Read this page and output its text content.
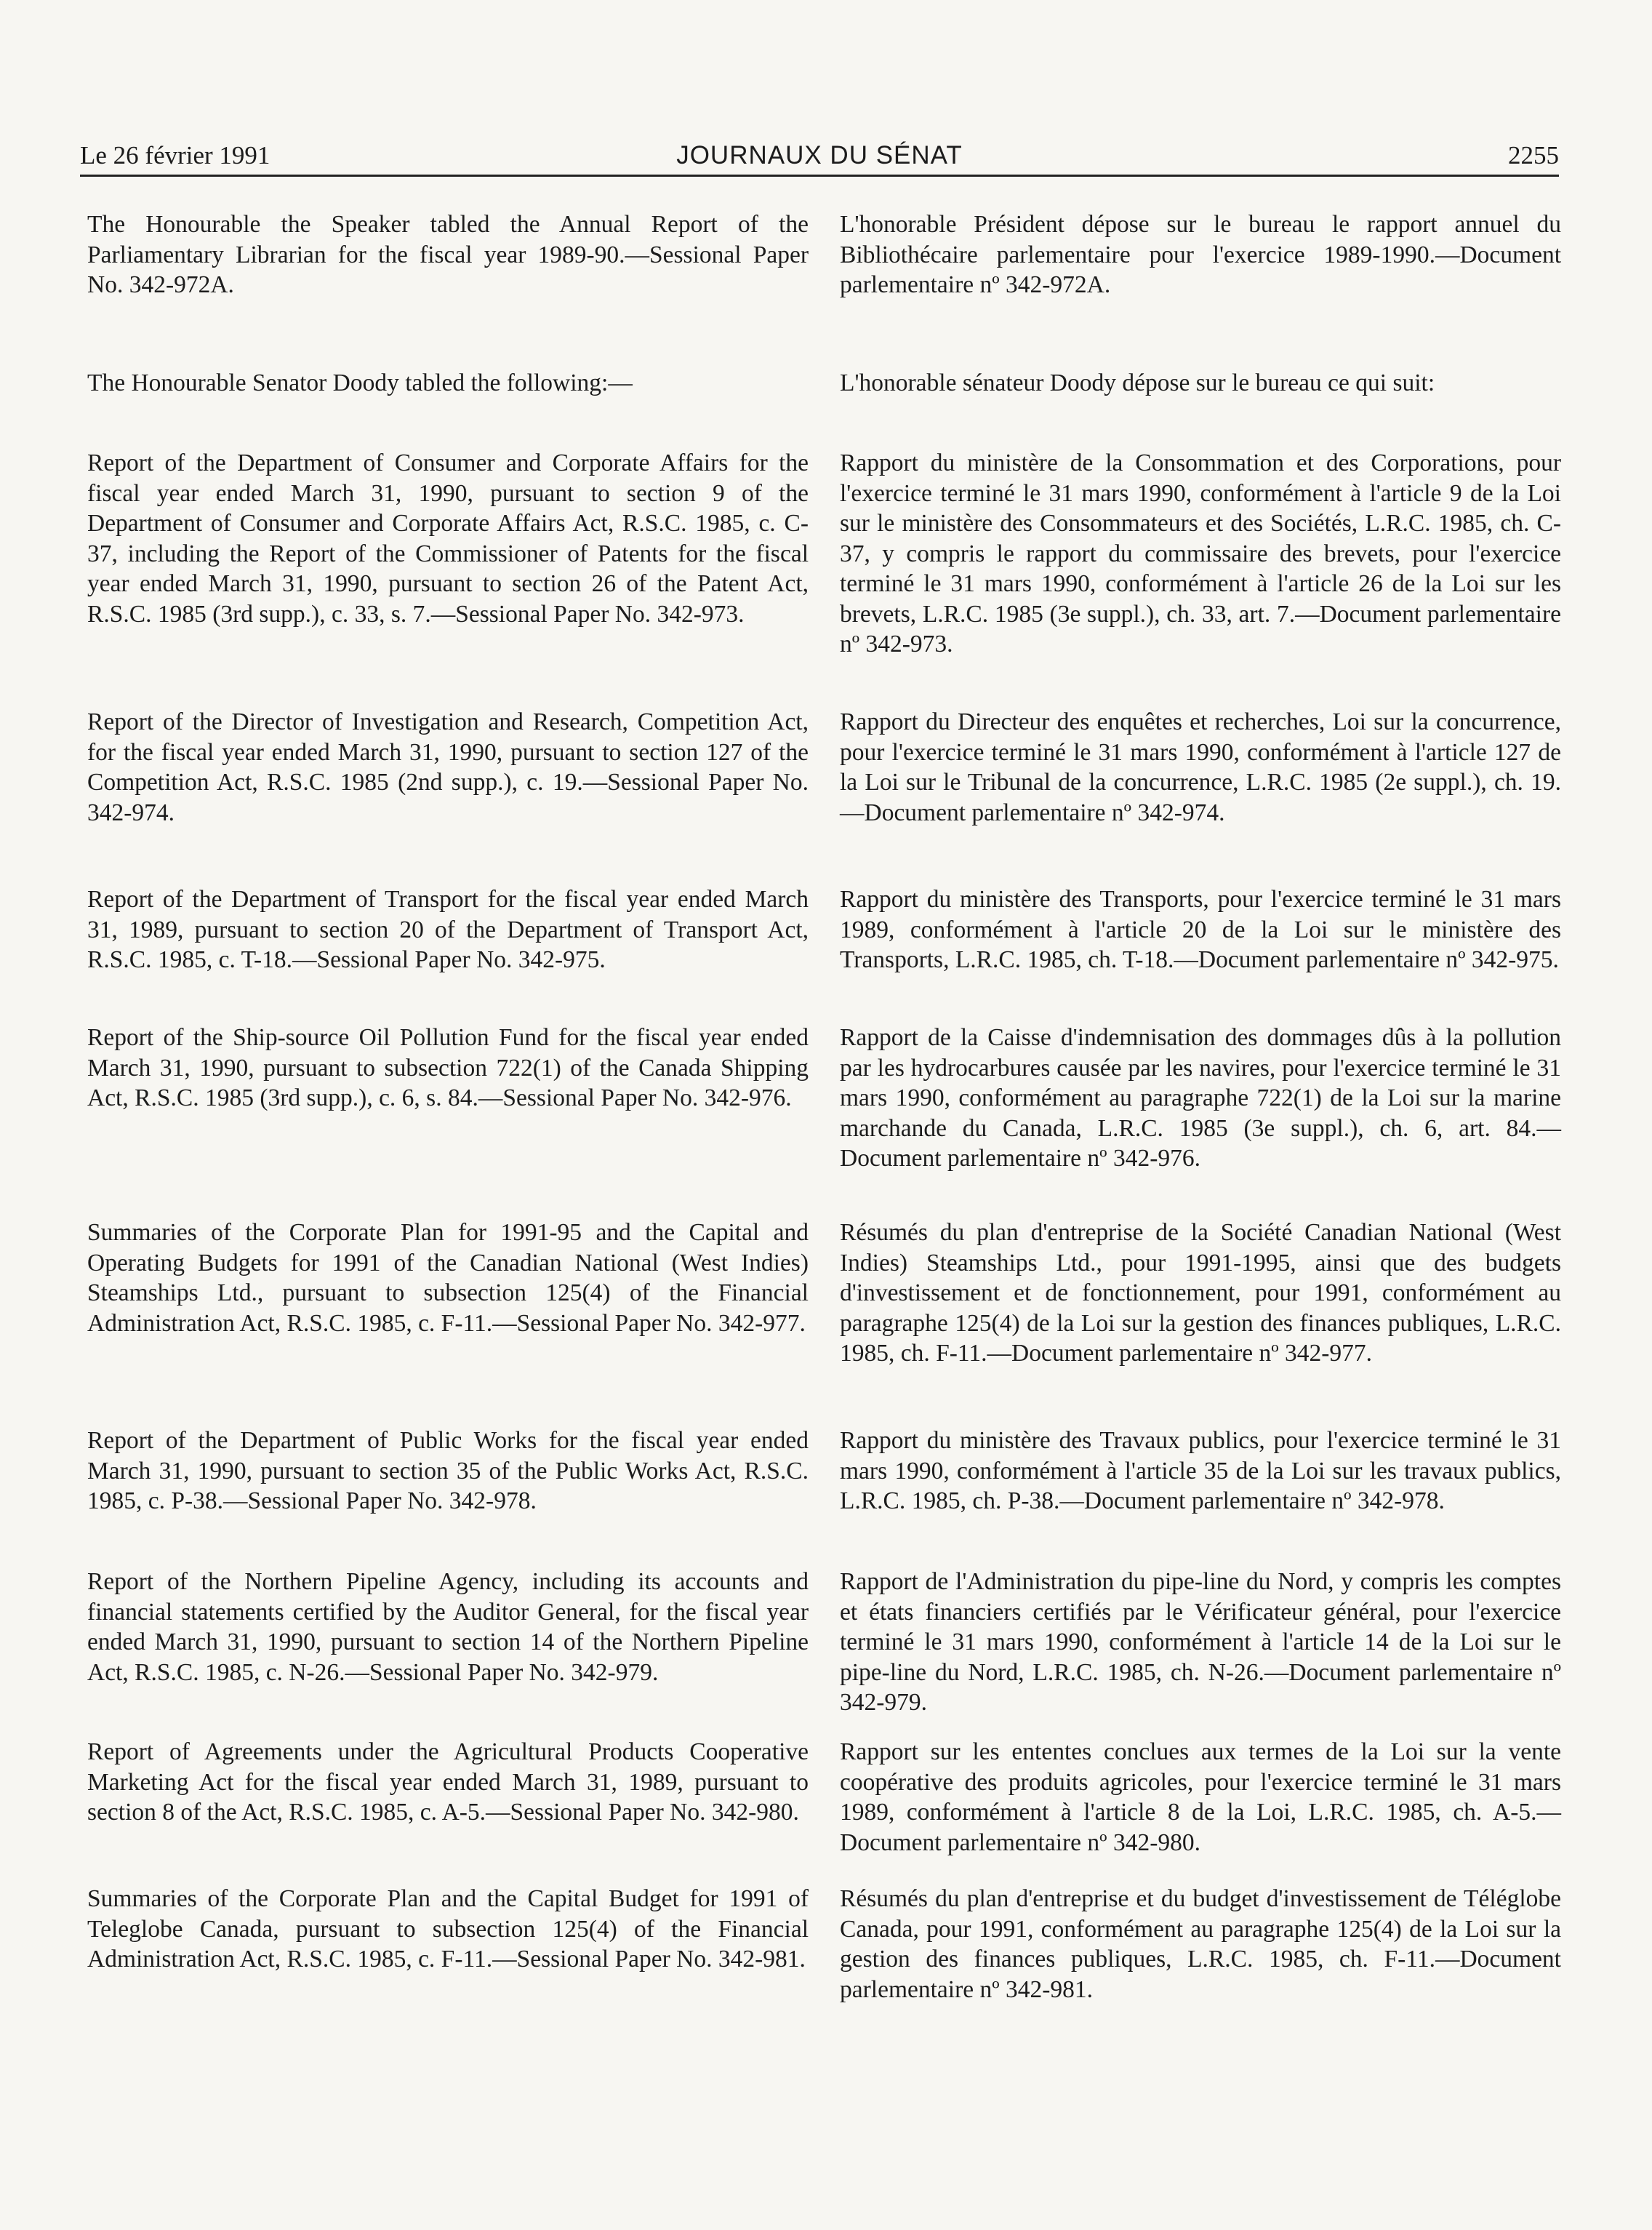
Le 26 février 1991	JOURNAUX DU SÉNAT	2255

The Honourable the Speaker tabled the Annual Report of the Parliamentary Librarian for the fiscal year 1989-90.—Sessional Paper No. 342-972A.

The Honourable Senator Doody tabled the following:—

Report of the Department of Consumer and Corporate Affairs for the fiscal year ended March 31, 1990, pursuant to section 9 of the Department of Consumer and Corporate Affairs Act, R.S.C. 1985, c. C-37, including the Report of the Commissioner of Patents for the fiscal year ended March 31, 1990, pursuant to section 26 of the Patent Act, R.S.C. 1985 (3rd supp.), c. 33, s. 7.—Sessional Paper No. 342-973.

Report of the Director of Investigation and Research, Competition Act, for the fiscal year ended March 31, 1990, pursuant to section 127 of the Competition Act, R.S.C. 1985 (2nd supp.), c. 19.—Sessional Paper No. 342-974.

Report of the Department of Transport for the fiscal year ended March 31, 1989, pursuant to section 20 of the Department of Transport Act, R.S.C. 1985, c. T-18.—Sessional Paper No. 342-975.

Report of the Ship-source Oil Pollution Fund for the fiscal year ended March 31, 1990, pursuant to subsection 722(1) of the Canada Shipping Act, R.S.C. 1985 (3rd supp.), c. 6, s. 84.—Sessional Paper No. 342-976.

Summaries of the Corporate Plan for 1991-95 and the Capital and Operating Budgets for 1991 of the Canadian National (West Indies) Steamships Ltd., pursuant to subsection 125(4) of the Financial Administration Act, R.S.C. 1985, c. F-11.—Sessional Paper No. 342-977.

Report of the Department of Public Works for the fiscal year ended March 31, 1990, pursuant to section 35 of the Public Works Act, R.S.C. 1985, c. P-38.—Sessional Paper No. 342-978.

Report of the Northern Pipeline Agency, including its accounts and financial statements certified by the Auditor General, for the fiscal year ended March 31, 1990, pursuant to section 14 of the Northern Pipeline Act, R.S.C. 1985, c. N-26.—Sessional Paper No. 342-979.

Report of Agreements under the Agricultural Products Cooperative Marketing Act for the fiscal year ended March 31, 1989, pursuant to section 8 of the Act, R.S.C. 1985, c. A-5.—Sessional Paper No. 342-980.

Summaries of the Corporate Plan and the Capital Budget for 1991 of Teleglobe Canada, pursuant to subsection 125(4) of the Financial Administration Act, R.S.C. 1985, c. F-11.—Sessional Paper No. 342-981.

L'honorable Président dépose sur le bureau le rapport annuel du Bibliothécaire parlementaire pour l'exercice 1989-1990.—Document parlementaire nº 342-972A.

L'honorable sénateur Doody dépose sur le bureau ce qui suit:

Rapport du ministère de la Consommation et des Corporations, pour l'exercice terminé le 31 mars 1990, conformément à l'article 9 de la Loi sur le ministère des Consommateurs et des Sociétés, L.R.C. 1985, ch. C-37, y compris le rapport du commissaire des brevets, pour l'exercice terminé le 31 mars 1990, conformément à l'article 26 de la Loi sur les brevets, L.R.C. 1985 (3e suppl.), ch. 33, art. 7.—Document parlementaire nº 342-973.

Rapport du Directeur des enquêtes et recherches, Loi sur la concurrence, pour l'exercice terminé le 31 mars 1990, conformément à l'article 127 de la Loi sur le Tribunal de la concurrence, L.R.C. 1985 (2e suppl.), ch. 19.—Document parlementaire nº 342-974.

Rapport du ministère des Transports, pour l'exercice terminé le 31 mars 1989, conformément à l'article 20 de la Loi sur le ministère des Transports, L.R.C. 1985, ch. T-18.—Document parlementaire nº 342-975.

Rapport de la Caisse d'indemnisation des dommages dûs à la pollution par les hydrocarbures causée par les navires, pour l'exercice terminé le 31 mars 1990, conformément au paragraphe 722(1) de la Loi sur la marine marchande du Canada, L.R.C. 1985 (3e suppl.), ch. 6, art. 84.—Document parlementaire nº 342-976.

Résumés du plan d'entreprise de la Société Canadian National (West Indies) Steamships Ltd., pour 1991-1995, ainsi que des budgets d'investissement et de fonctionnement, pour 1991, conformément au paragraphe 125(4) de la Loi sur la gestion des finances publiques, L.R.C. 1985, ch. F-11.—Document parlementaire nº 342-977.

Rapport du ministère des Travaux publics, pour l'exercice terminé le 31 mars 1990, conformément à l'article 35 de la Loi sur les travaux publics, L.R.C. 1985, ch. P-38.—Document parlementaire nº 342-978.

Rapport de l'Administration du pipe-line du Nord, y compris les comptes et états financiers certifiés par le Vérificateur général, pour l'exercice terminé le 31 mars 1990, conformément à l'article 14 de la Loi sur le pipe-line du Nord, L.R.C. 1985, ch. N-26.—Document parlementaire nº 342-979.

Rapport sur les ententes conclues aux termes de la Loi sur la vente coopérative des produits agricoles, pour l'exercice terminé le 31 mars 1989, conformément à l'article 8 de la Loi, L.R.C. 1985, ch. A-5.—Document parlementaire nº 342-980.

Résumés du plan d'entreprise et du budget d'investissement de Téléglobe Canada, pour 1991, conformément au paragraphe 125(4) de la Loi sur la gestion des finances publiques, L.R.C. 1985, ch. F-11.—Document parlementaire nº 342-981.
